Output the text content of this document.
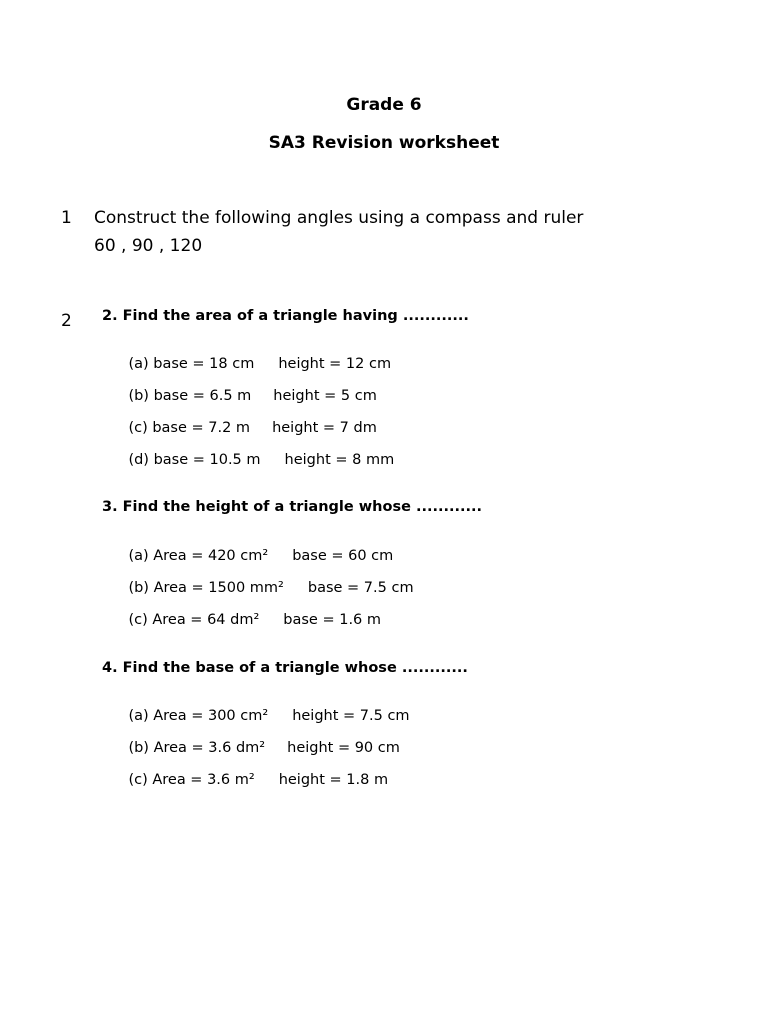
Grade 6
SA3 Revision worksheet
1 Construct the following angles using a compass and ruler
60 , 90 , 120
2 2. Find the area of a triangle having ............

(a) base = 18 cm height = 12 cm

(b) base = 6.5 m height = 5 cm

(c) base = 7.2 m height = 7 dm

(d) base = 10.5 m height = 8 mm

3. Find the height of a triangle whose ............

(a) Area = 420 cm² base = 60 cm

(b) Area = 1500 mm² base = 7.5 cm

(c) Area = 64 dm² base = 1.6 m

4. Find the base of a triangle whose ............

(a) Area = 300 cm² height = 7.5 cm

(b) Area = 3.6 dm² height = 90 cm

(c) Area = 3.6 m² height = 1.8 m
